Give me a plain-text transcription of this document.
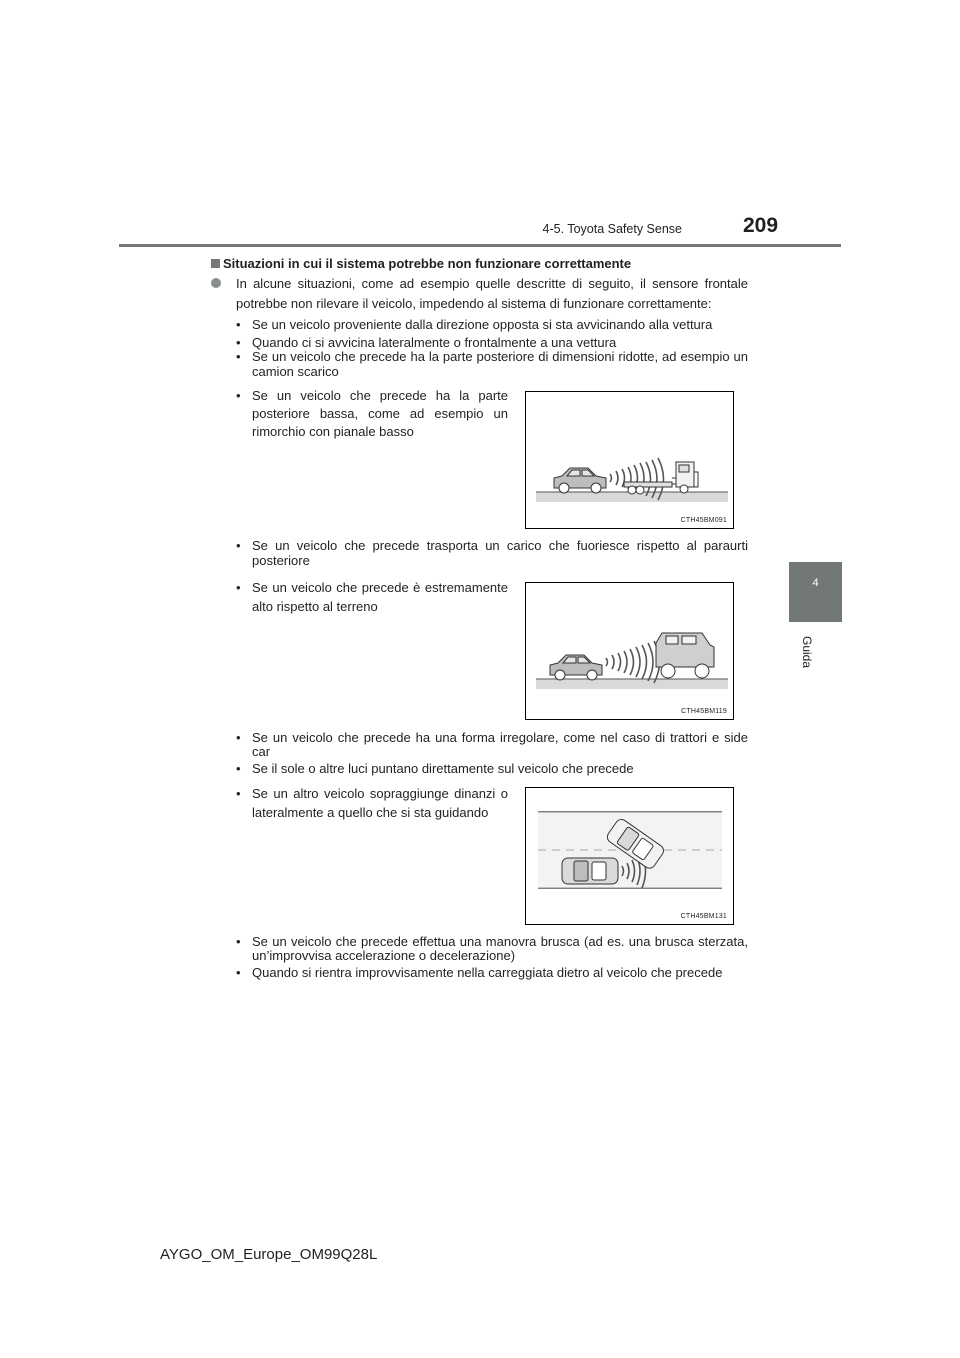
4-5. Toyota Safety Sense	209
4
Guida
Situazioni in cui il sistema potrebbe non funzionare correttamente
In alcune situazioni, come ad esempio quelle descritte di seguito, il sensore frontale potrebbe non rilevare il veicolo, impedendo al sistema di funzionare correttamente:
• Se un veicolo proveniente dalla direzione opposta si sta avvicinando alla vettura
• Quando ci si avvicina lateralmente o frontalmente a una vettura
• Se un veicolo che precede ha la parte posteriore di dimensioni ridotte, ad esempio un camion scarico
• Se un veicolo che precede ha la parte posteriore bassa, come ad esempio un rimorchio con pianale basso
• Se un veicolo che precede trasporta un carico che fuoriesce rispetto al paraurti posteriore
• Se un veicolo che precede è estremamente alto rispetto al terreno
• Se un veicolo che precede ha una forma irregolare, come nel caso di trattori e side car
• Se il sole o altre luci puntano direttamente sul veicolo che precede
• Se un altro veicolo sopraggiunge dinanzi o lateralmente a quello che si sta guidando
• Se un veicolo che precede effettua una manovra brusca (ad es. una brusca sterzata, un’improvvisa accelerazione o decelerazione)
• Quando si rientra improvvisamente nella carreggiata dietro al veicolo che precede
CTH45BM091
CTH45BM119
CTH45BM131
AYGO_OM_Europe_OM99Q28L
